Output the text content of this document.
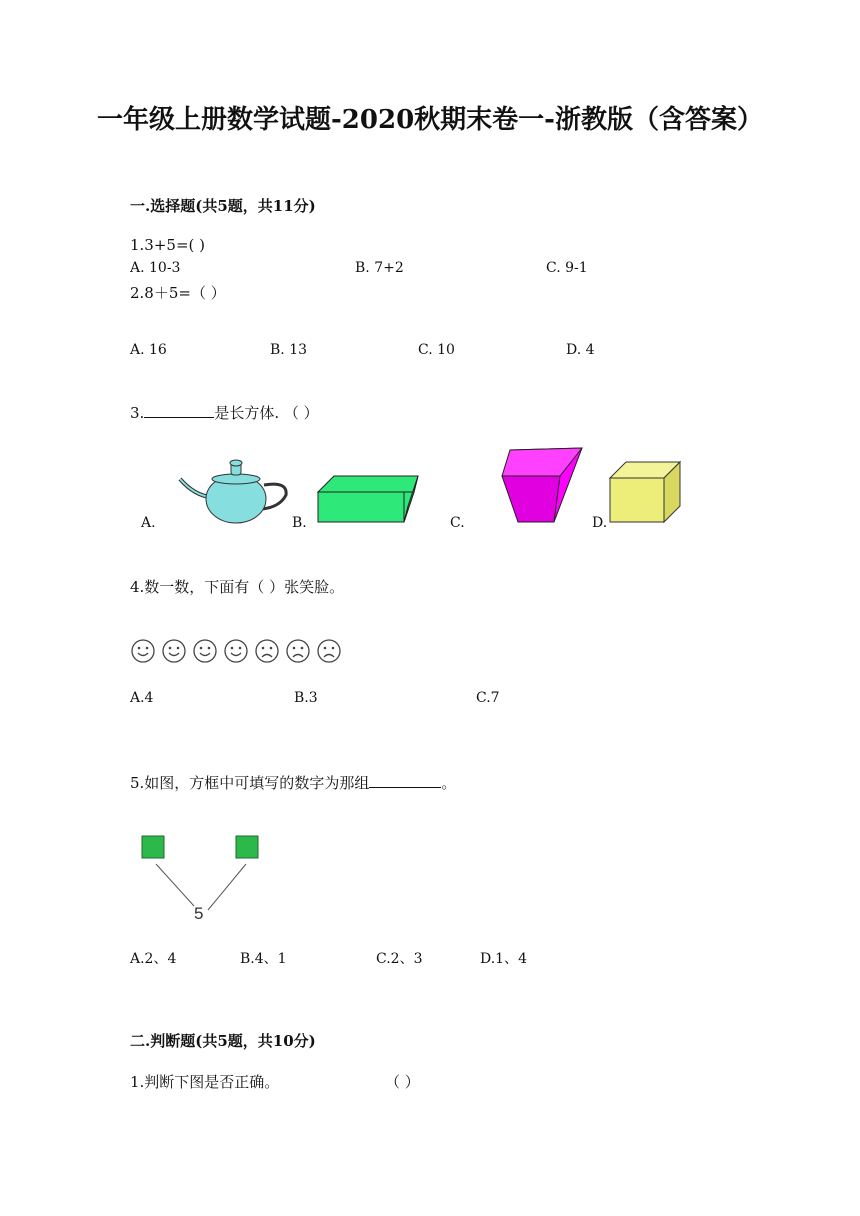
一年级上册数学试题-2020秋期末卷一-浙教版（含答案）
一.选择题(共5题，共11分)
1.3+5=( )
A. 10-3	B. 7+2	C. 9-1
2.8＋5=（ ）
A. 16	B. 13	C. 10	D. 4
3.	是长方体. （ ）
A.	B.	C.	D.
4.数一数，下面有（ ）张笑脸。
A.4	B.3	C.7
5.如图，方框中可填写的数字为那组	。
5
A.2、4	B.4、1	C.2、3	D.1、4
二.判断题(共5题，共10分)
1.判断下图是否正确。	（ ）
